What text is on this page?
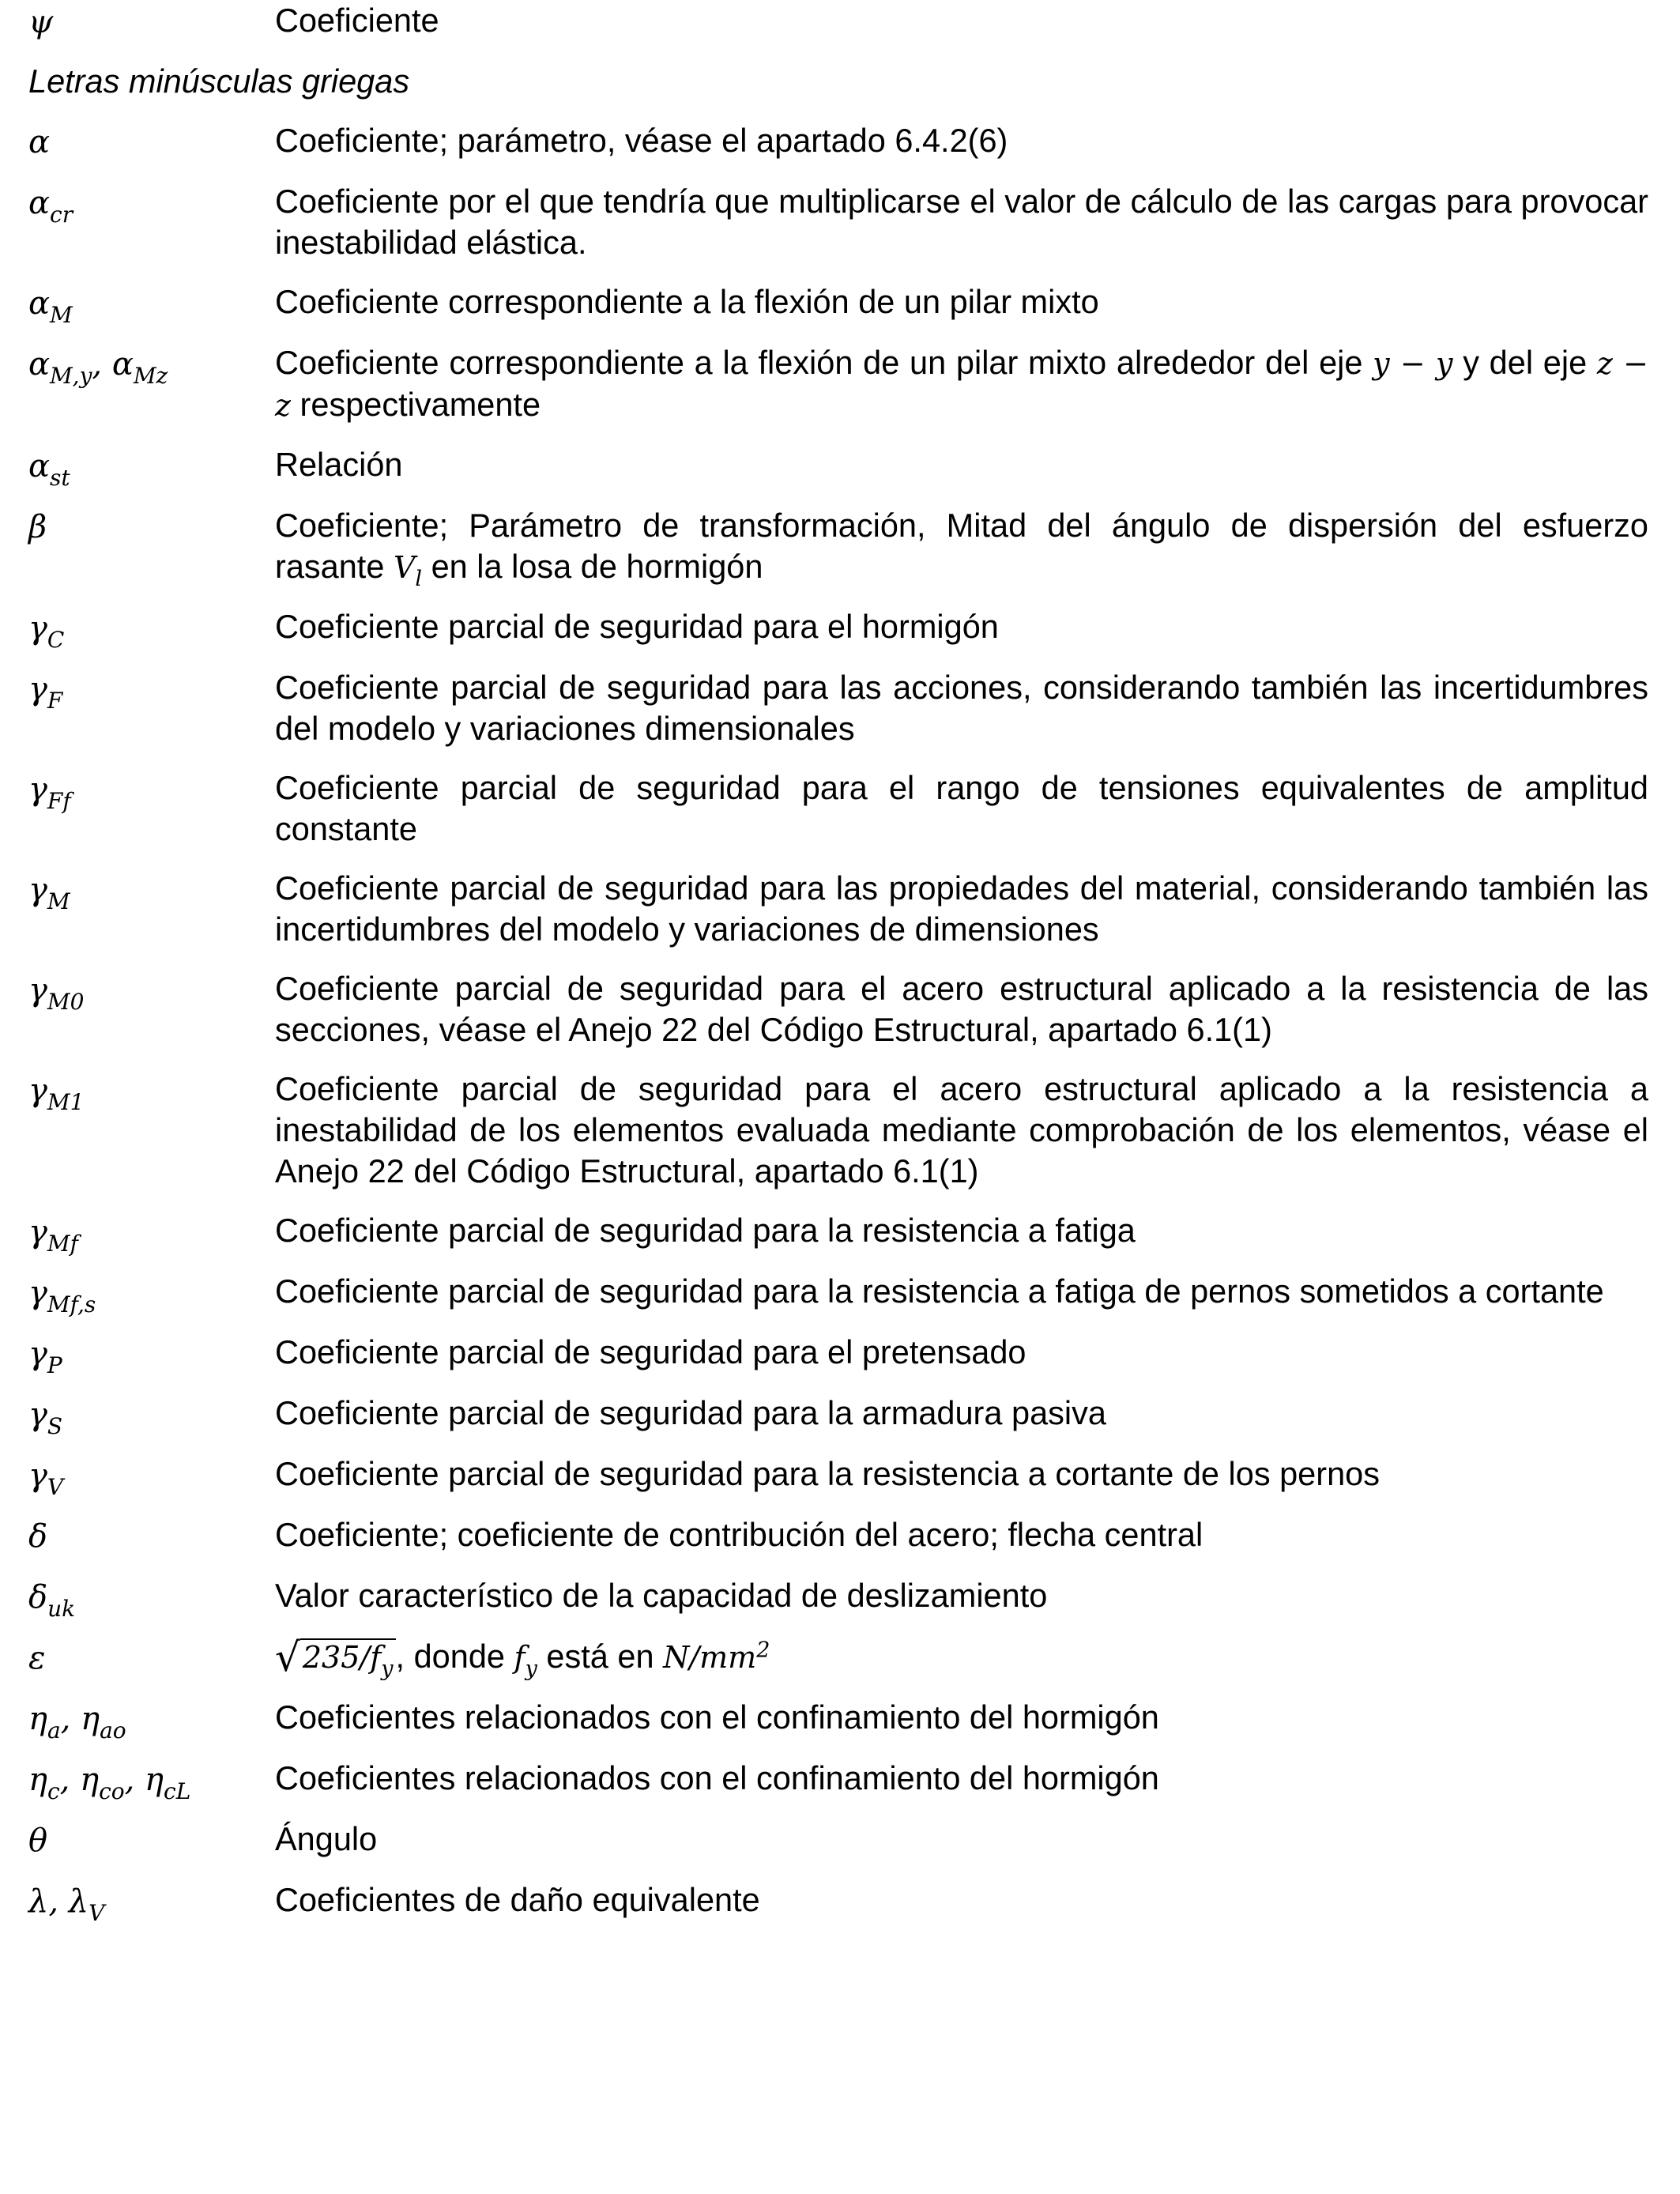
ψ	Coeficiente
Letras minúsculas griegas
α	Coeficiente; parámetro, véase el apartado 6.4.2(6)
$\alpha_{cr}$	Coeficiente por el que tendría que multiplicarse el valor de cálculo de las cargas para provocar inestabilidad elástica.
$\alpha_M$	Coeficiente correspondiente a la flexión de un pilar mixto
$\alpha_{M,y}$, $\alpha_{Mz}$	Coeficiente correspondiente a la flexión de un pilar mixto alrededor del eje y − y y del eje z − z respectivamente
$\alpha_{st}$	Relación
β	Coeficiente; Parámetro de transformación, Mitad del ángulo de dispersión del esfuerzo rasante $V_l$ en la losa de hormigón
$\gamma_C$	Coeficiente parcial de seguridad para el hormigón
$\gamma_F$	Coeficiente parcial de seguridad para las acciones, considerando también las incertidumbres del modelo y variaciones dimensionales
$\gamma_{Ff}$	Coeficiente parcial de seguridad para el rango de tensiones equivalentes de amplitud constante
$\gamma_M$	Coeficiente parcial de seguridad para las propiedades del material, considerando también las incertidumbres del modelo y variaciones de dimensiones
$\gamma_{M0}$	Coeficiente parcial de seguridad para el acero estructural aplicado a la resistencia de las secciones, véase el Anejo 22 del Código Estructural, apartado 6.1(1)
$\gamma_{M1}$	Coeficiente parcial de seguridad para el acero estructural aplicado a la resistencia a inestabilidad de los elementos evaluada mediante comprobación de los elementos, véase el Anejo 22 del Código Estructural, apartado 6.1(1)
$\gamma_{Mf}$	Coeficiente parcial de seguridad para la resistencia a fatiga
$\gamma_{Mf,s}$	Coeficiente parcial de seguridad para la resistencia a fatiga de pernos sometidos a cortante
$\gamma_P$	Coeficiente parcial de seguridad para el pretensado
$\gamma_S$	Coeficiente parcial de seguridad para la armadura pasiva
$\gamma_V$	Coeficiente parcial de seguridad para la resistencia a cortante de los pernos
δ	Coeficiente; coeficiente de contribución del acero; flecha central
$\delta_{uk}$	Valor característico de la capacidad de deslizamiento
ε	$√235/f_y$, donde $f_y$ está en $N/mm^2$
$\eta_a$, $\eta_{ao}$	Coeficientes relacionados con el confinamiento del hormigón
$\eta_c$, $\eta_{co}$, $\eta_{cL}$	Coeficientes relacionados con el confinamiento del hormigón
θ	Ángulo
λ, $\lambda_V$	Coeficientes de daño equivalente
